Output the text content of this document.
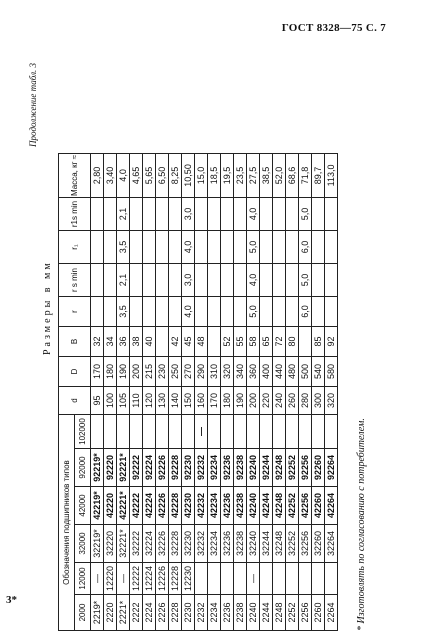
ГОСТ 8328—75 С. 7
3*
Продолжение табл. 3
Размеры в мм
Обозначения подшипников типов						d	D	B	r	r s min	r₁	r1s min	Масса, кг ≈
2000	12000	32000	42000	92000	102000								
2219*	—	32219*	42219*	92219*		95	170	32					2,80
2220	12220	32220	42220	92220		100	180	34					3,40
2221*	—	32221*	42221*	92221*		105	190	36	3,5	2,1	3,5	2,1	4,0
2222	12222	32222	42222	92222		110	200	38					4,65
2224	12224	32224	42224	92224		120	215	40					5,65
2226	12226	32226	42226	92226		130	230						6,50
2228	12228	32228	42228	92228		140	250	42					8,25
2230	12230	32230	42230	92230		150	270	45	4,0	3,0	4,0	3,0	10,50
2232		32232	42232	92232	—	160	290	48					15,0
2234		32234	42234	92234		170	310						18,5
2236		32236	42236	92236		180	320	52					19,5
2238		32238	42238	92238		190	340	55					23,5
2240	—	32240	42240	92240		200	360	58	5,0	4,0	5,0	4,0	27,5
2244		32244	42244	92244		220	400	65					38,5
2248		32248	42248	92248		240	440	72					52,0
2252		32252	42252	92252		260	480	80					68,6
2256		32256	42256	92256		280	500		6,0	5,0	6,0	5,0	71,8
2260		32260	42260	92260		300	540	85					89,7
2264		32264	42264	92264		320	580	92					113,0
* Изготовлять по согласованию с потребителем.
